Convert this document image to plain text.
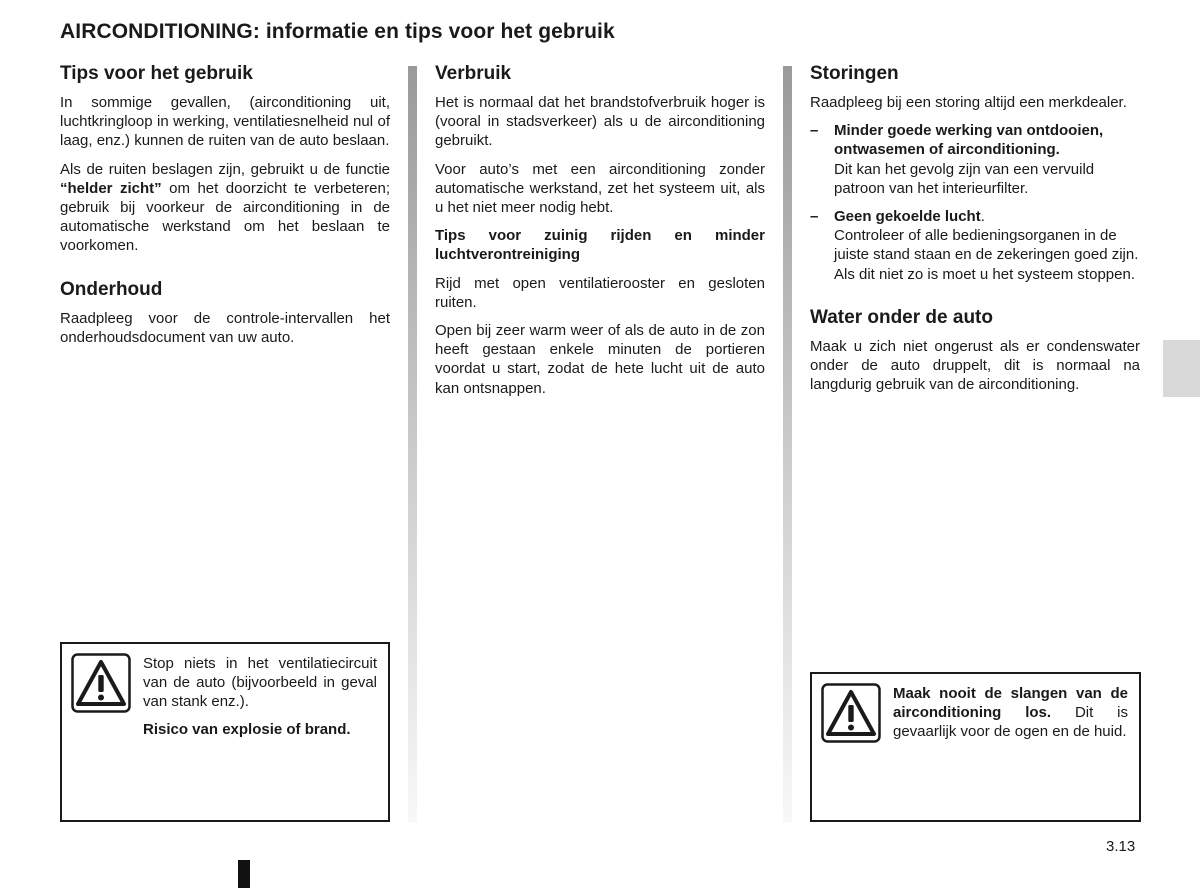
AIRCONDITIONING: informatie en tips voor het gebruik
Tips voor het gebruik

In sommige gevallen, (airconditioning uit, luchtkringloop in werking, ventilatiesnelheid nul of laag, enz.) kunnen de ruiten van de auto beslaan.

Als de ruiten beslagen zijn, gebruikt u de functie “helder zicht” om het doorzicht te verbeteren; gebruik bij voorkeur de airconditioning in de automatische werkstand om het beslaan te voorkomen.

Onderhoud

Raadpleeg voor de controle-intervallen het onderhoudsdocument van uw auto.

Verbruik

Het is normaal dat het brandstofverbruik hoger is (vooral in stadsverkeer) als u de airconditioning gebruikt.

Voor auto’s met een airconditioning zonder automatische werkstand, zet het systeem uit, als u het niet meer nodig hebt.

Tips voor zuinig rijden en minder luchtverontreiniging

Rijd met open ventilatierooster en gesloten ruiten.

Open bij zeer warm weer of als de auto in de zon heeft gestaan enkele minuten de portieren voordat u start, zodat de hete lucht uit de auto kan ontsnappen.

Storingen

Raadpleeg bij een storing altijd een merkdealer.

–	Minder goede werking van ontdooien, ontwasemen of airconditioning.
Dit kan het gevolg zijn van een vervuild patroon van het interieurfilter.
–	Geen gekoelde lucht.
Controleer of alle bedieningsorganen in de juiste stand staan en de zekeringen goed zijn. Als dit niet zo is moet u het systeem stoppen.
Water onder de auto

Maak u zich niet ongerust als er condenswater onder de auto druppelt, dit is normaal na langdurig gebruik van de airconditioning.

Stop niets in het ventilatiecircuit van de auto (bijvoorbeeld in geval van stank enz.).

Risico van explosie of brand.

Maak nooit de slangen van de airconditioning los. Dit is gevaarlijk voor de ogen en de huid.

3.13
